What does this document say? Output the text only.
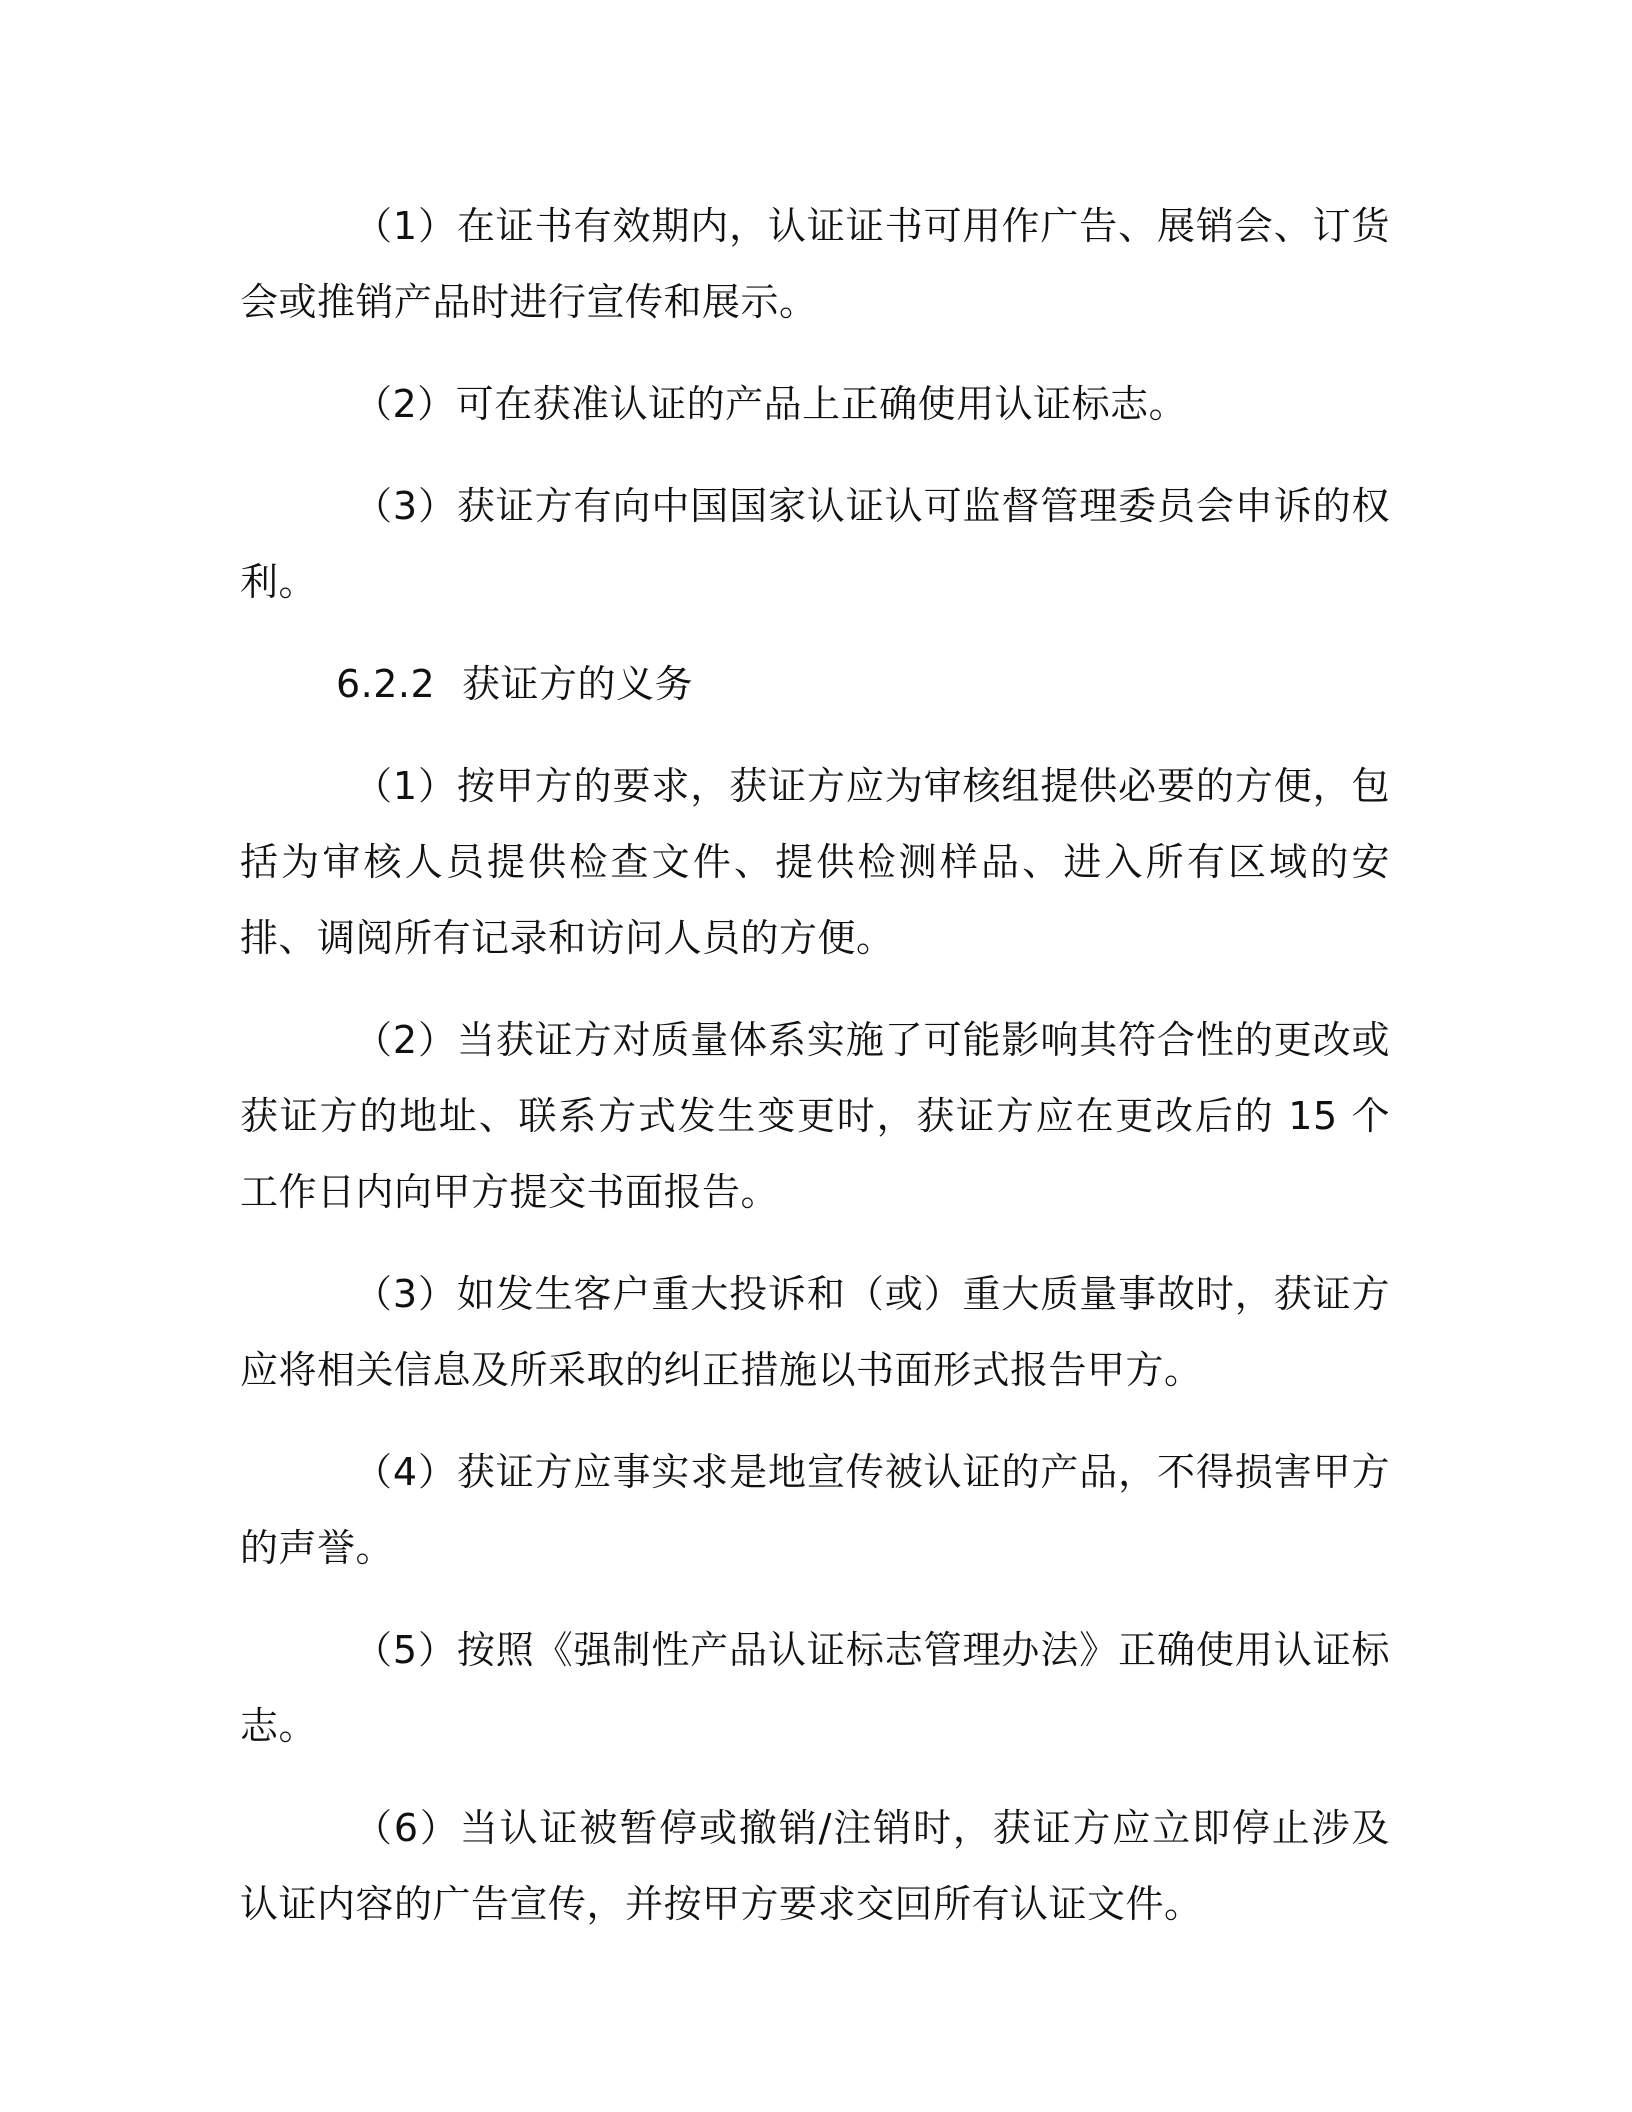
（1）在证书有效期内，认证证书可用作广告、展销会、订货会或推销产品时进行宣传和展示。

（2）可在获准认证的产品上正确使用认证标志。

（3）获证方有向中国国家认证认可监督管理委员会申诉的权利。

6.2.2 获证方的义务

（1）按甲方的要求，获证方应为审核组提供必要的方便，包括为审核人员提供检查文件、提供检测样品、进入所有区域的安排、调阅所有记录和访问人员的方便。

（2）当获证方对质量体系实施了可能影响其符合性的更改或获证方的地址、联系方式发生变更时，获证方应在更改后的 15 个工作日内向甲方提交书面报告。

（3）如发生客户重大投诉和（或）重大质量事故时，获证方应将相关信息及所采取的纠正措施以书面形式报告甲方。

（4）获证方应事实求是地宣传被认证的产品，不得损害甲方的声誉。

（5）按照《强制性产品认证标志管理办法》正确使用认证标志。

（6）当认证被暂停或撤销/注销时，获证方应立即停止涉及认证内容的广告宣传，并按甲方要求交回所有认证文件。
